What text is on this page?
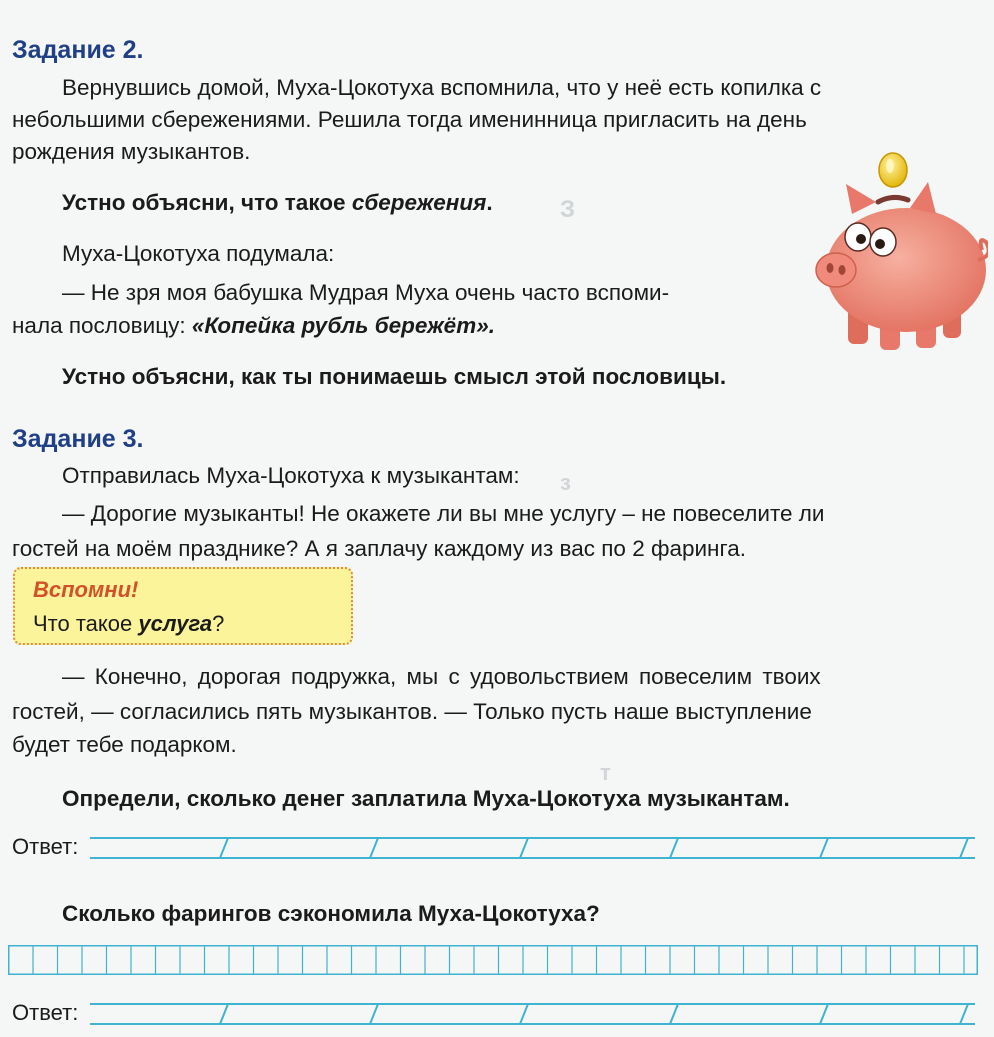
З
з
т
Задание 2.
Вернувшись домой, Муха-Цокотуха вспомнила, что у неё есть копилка с
небольшими сбережениями. Решила тогда именинница пригласить на день
рождения музыкантов.
Устно объясни, что такое сбережения.
Муха-Цокотуха подумала:
— Не зря моя бабушка Мудрая Муха очень часто вспоми-
нала пословицу: «Копейка рубль бережёт».
Устно объясни, как ты понимаешь смысл этой пословицы.
Задание 3.
Отправилась Муха-Цокотуха к музыкантам:
— Дорогие музыканты! Не окажете ли вы мне услугу – не повеселите ли
гостей на моём празднике? А я заплачу каждому из вас по 2 фаринга.
Вспомни!
Что такое услуга?
— Конечно, дорогая подружка, мы с удовольствием повеселим твоих
гостей, — согласились пять музыкантов. — Только пусть наше выступление
будет тебе подарком.
Определи, сколько денег заплатила Муха-Цокотуха музыкантам.
Ответ:
Сколько фарингов сэкономила Муха-Цокотуха?
Ответ:
